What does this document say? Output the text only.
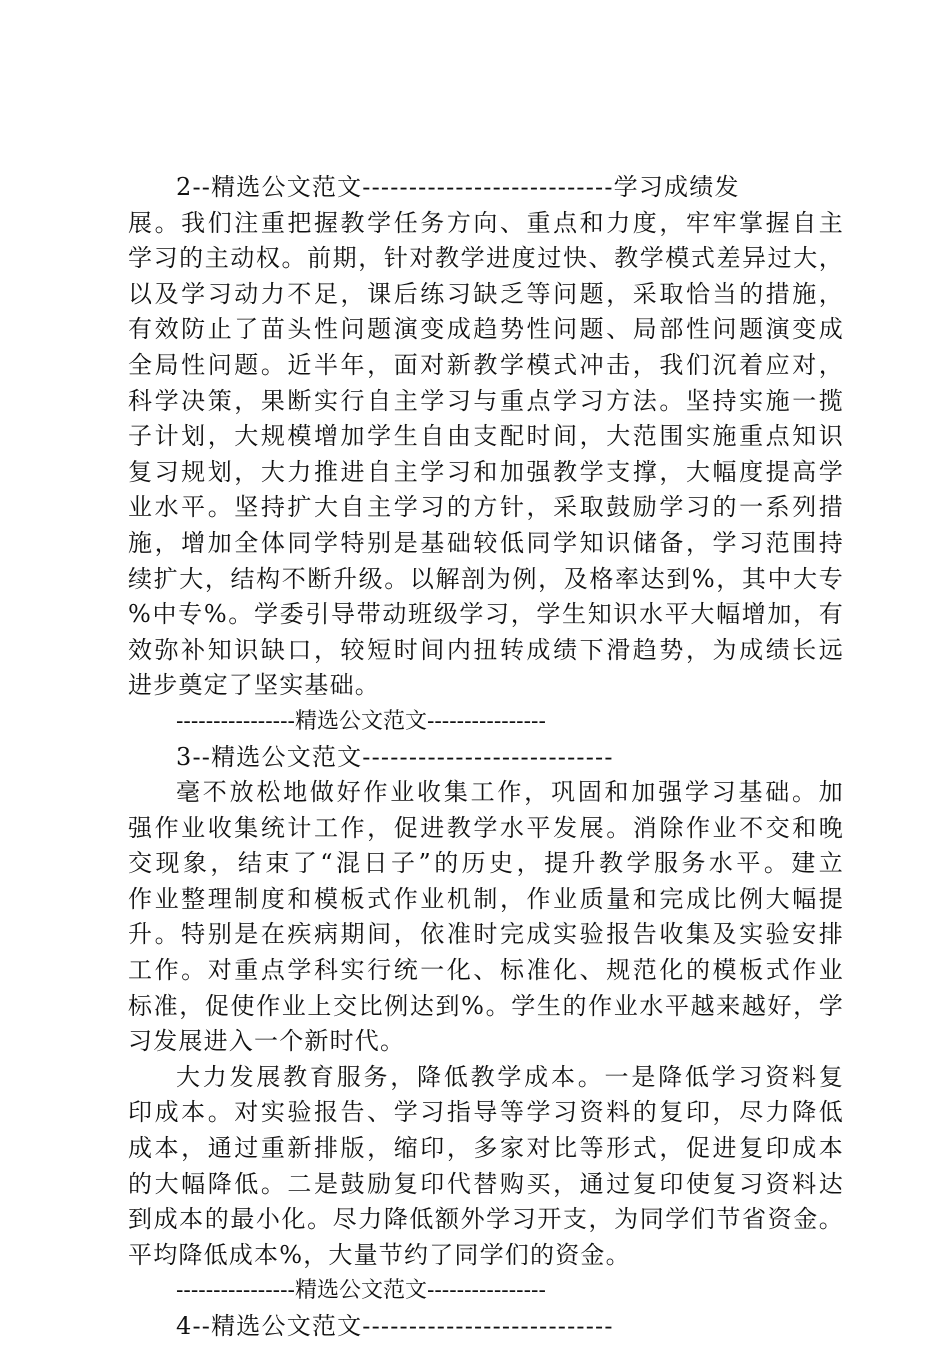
2--精选公文范文---------------------------学习成绩发
展。我们注重把握教学任务方向、重点和力度，牢牢掌握自主
学习的主动权。前期，针对教学进度过快、教学模式差异过大，
以及学习动力不足，课后练习缺乏等问题，采取恰当的措施，
有效防止了苗头性问题演变成趋势性问题、局部性问题演变成
全局性问题。近半年，面对新教学模式冲击，我们沉着应对，
科学决策，果断实行自主学习与重点学习方法。坚持实施一揽
子计划，大规模增加学生自由支配时间，大范围实施重点知识
复习规划，大力推进自主学习和加强教学支撑，大幅度提高学
业水平。坚持扩大自主学习的方针，采取鼓励学习的一系列措
施，增加全体同学特别是基础较低同学知识储备，学习范围持
续扩大，结构不断升级。以解剖为例，及格率达到%，其中大专
%中专%。学委引导带动班级学习，学生知识水平大幅增加，有
效弥补知识缺口，较短时间内扭转成绩下滑趋势，为成绩长远
进步奠定了坚实基础。
----------------精选公文范文----------------
3--精选公文范文---------------------------
毫不放松地做好作业收集工作，巩固和加强学习基础。加
强作业收集统计工作，促进教学水平发展。消除作业不交和晚
交现象，结束了“混日子”的历史，提升教学服务水平。建立
作业整理制度和模板式作业机制，作业质量和完成比例大幅提
升。特别是在疾病期间，依准时完成实验报告收集及实验安排
工作。对重点学科实行统一化、标准化、规范化的模板式作业
标准，促使作业上交比例达到%。学生的作业水平越来越好，学
习发展进入一个新时代。
大力发展教育服务，降低教学成本。一是降低学习资料复
印成本。对实验报告、学习指导等学习资料的复印，尽力降低
成本，通过重新排版，缩印，多家对比等形式，促进复印成本
的大幅降低。二是鼓励复印代替购买，通过复印使复习资料达
到成本的最小化。尽力降低额外学习开支，为同学们节省资金。
平均降低成本%，大量节约了同学们的资金。
----------------精选公文范文----------------
4--精选公文范文---------------------------
